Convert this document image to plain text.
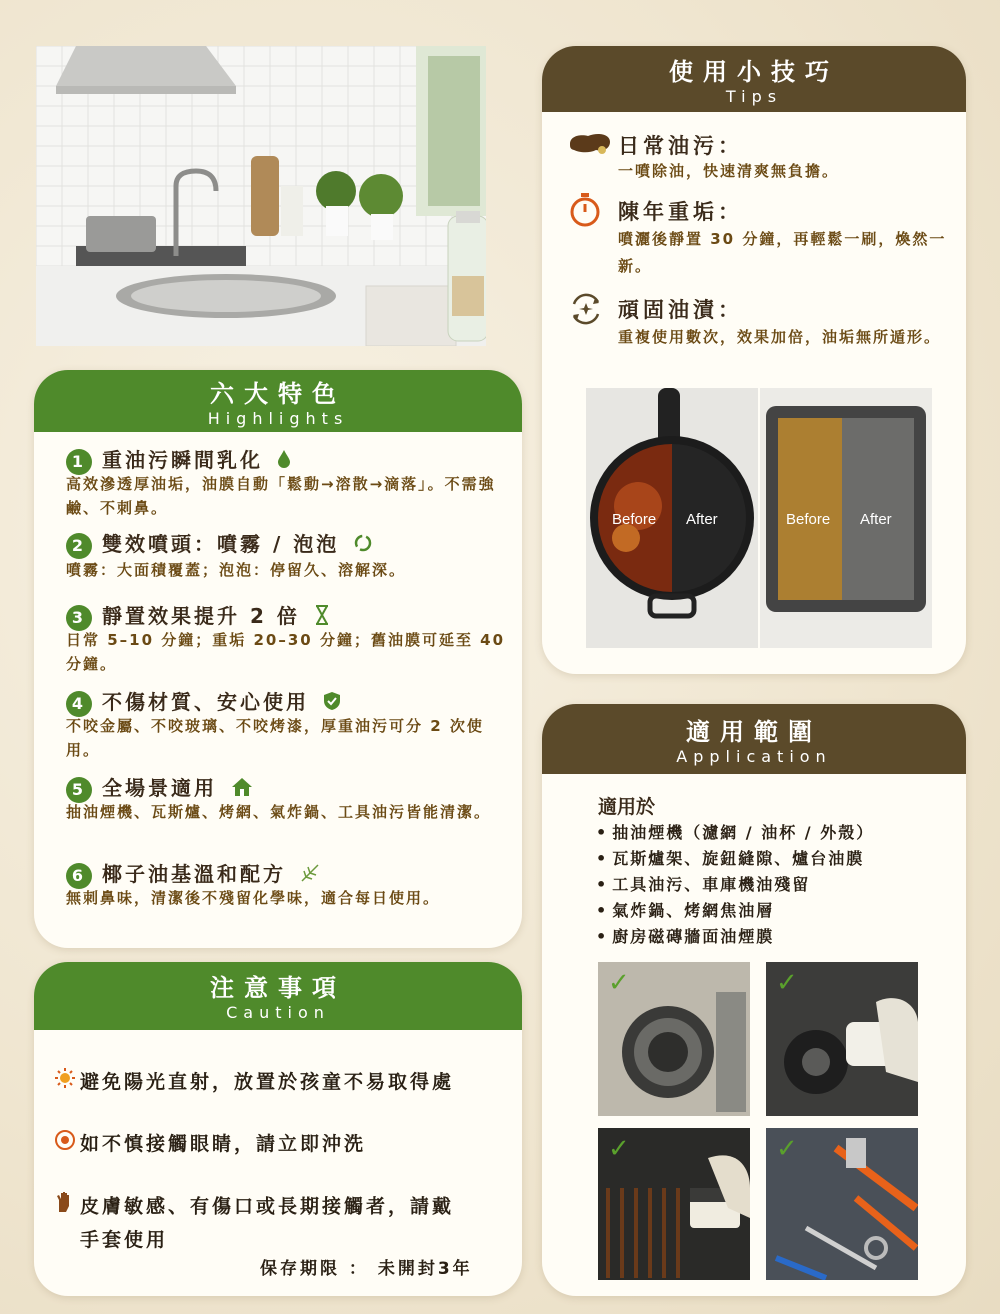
六大特色
Highlights
1 重油污瞬間乳化
高效滲透厚油垢，油膜自動「鬆動→溶散→滴落」。不需強鹼、不刺鼻。
2 雙效噴頭：噴霧 / 泡泡
噴霧：大面積覆蓋；泡泡：停留久、溶解深。
3 靜置效果提升 2 倍
日常 5–10 分鐘；重垢 20–30 分鐘；舊油膜可延至 40 分鐘。
4 不傷材質、安心使用
不咬金屬、不咬玻璃、不咬烤漆，厚重油污可分 2 次使用。
5 全場景適用
抽油煙機、瓦斯爐、烤網、氣炸鍋、工具油污皆能清潔。
6 椰子油基溫和配方
無刺鼻味，清潔後不殘留化學味，適合每日使用。
注意事項
Caution
避免陽光直射，放置於孩童不易取得處
如不慎接觸眼睛，請立即沖洗
皮膚敏感、有傷口或長期接觸者，請戴
手套使用
保存期限 ： 未開封3年
使用小技巧
Tips
日常油污：
一噴除油，快速清爽無負擔。
陳年重垢：
噴灑後靜置 30 分鐘，再輕鬆一刷，煥然一新。
頑固油漬：
重複使用數次，效果加倍，油垢無所遁形。
Before After	Before After
適用範圍
Application
適用於
• 抽油煙機（濾網 / 油杯 / 外殼）
• 瓦斯爐架、旋鈕縫隙、爐台油膜
• 工具油污、車庫機油殘留
• 氣炸鍋、烤網焦油層
• 廚房磁磚牆面油煙膜
✓	✓
✓	✓
